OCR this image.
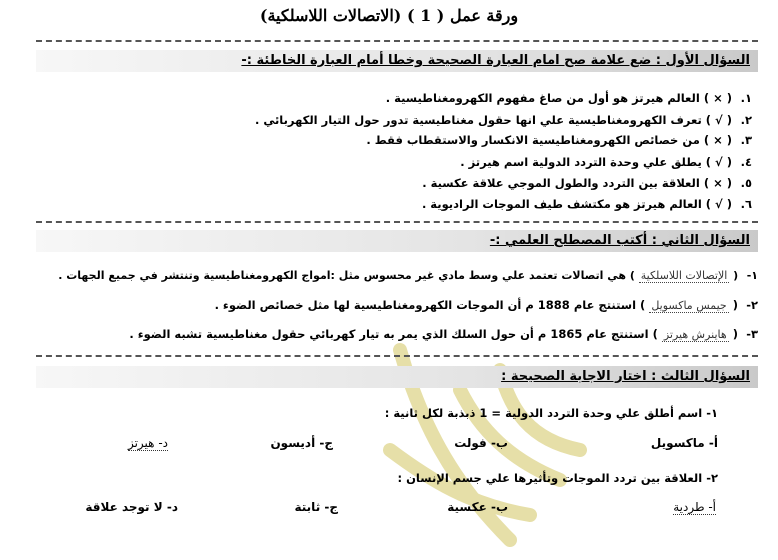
ورقة عمل ( 1 ) (الاتصالات اللاسلكية)
السؤال الأول : ضع علامة صح امام العبارة الصحيحة وخطا أمام العبارة الخاطئة :-
١. ( × ) العالم هيرتز هو أول من صاغ مفهوم الكهرومغناطيسية .
٢. ( √ ) تعرف الكهرومغناطيسية علي انها حقول مغناطيسية تدور حول التيار الكهربائي .
٣. ( × ) من خصائص الكهرومغناطيسية الانكسار والاستقطاب فقط .
٤. ( √ ) يطلق علي وحدة التردد الدولية اسم هيرتز .
٥. ( × ) العلاقة بين التردد والطول الموجي علاقة عكسية .
٦. ( √ ) العالم هيرتز هو مكتشف طيف الموجات الراديوية .
السؤال الثاني : أكتب المصطلح العلمي :-
١- ( الإتصالات اللاسلكية ) هي اتصالات تعتمد علي وسط مادي غير محسوس مثل :امواج الكهرومغناطيسية وتنتشر في جميع الجهات .
٢- ( جيمس ماكسويل ) استنتج عام 1888 م أن الموجات الكهرومغناطيسية لها مثل خصائص الضوء .
٣- ( هاينرش هيرتز ) استنتج عام 1865 م أن حول السلك الذي يمر به تيار كهربائي حقول مغناطيسية تشبه الضوء .
السؤال الثالث : اختار الاجابة الصحيحة :
١- اسم أطلق علي وحدة التردد الدولية = 1 ذبذبة لكل ثانية :
أ- ماكسويل
ب- فولت
ج- أديسون
د- هيرتز
٢- العلاقة بين تردد الموجات وتأثيرها علي جسم الإنسان :
أ- طردية
ب- عكسية
ج- ثابتة
د- لا توجد علاقة
